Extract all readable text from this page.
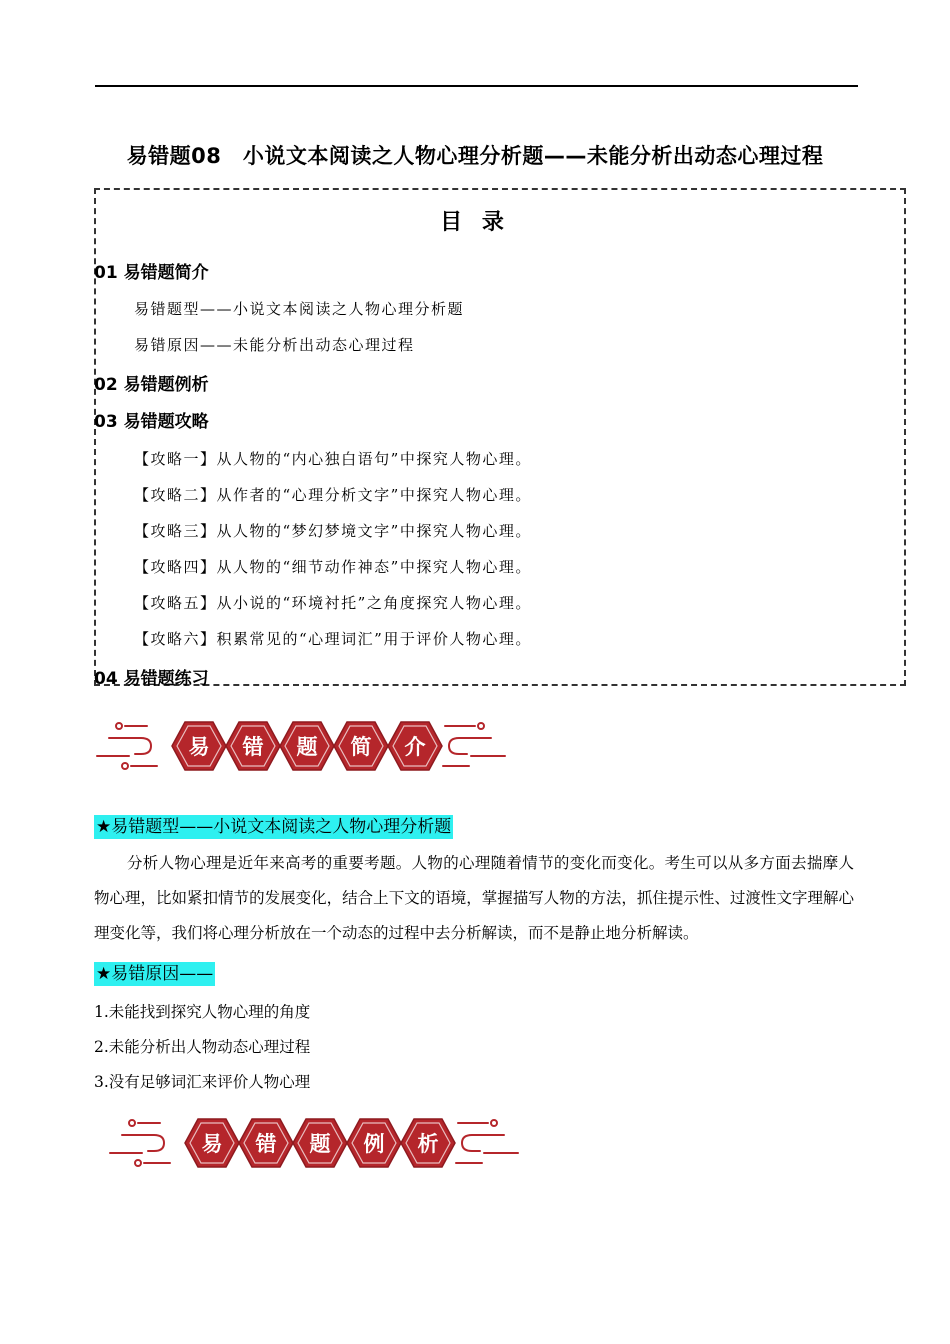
易错题08　小说文本阅读之人物心理分析题——未能分析出动态心理过程
目 录
01 易错题简介
易错题型——小说文本阅读之人物心理分析题
易错原因——未能分析出动态心理过程
02 易错题例析
03 易错题攻略
【攻略一】从人物的“内心独白语句”中探究人物心理。
【攻略二】从作者的“心理分析文字”中探究人物心理。
【攻略三】从人物的“梦幻梦境文字”中探究人物心理。
【攻略四】从人物的“细节动作神态”中探究人物心理。
【攻略五】从小说的“环境衬托”之角度探究人物心理。
【攻略六】积累常见的“心理词汇”用于评价人物心理。
04 易错题练习
易 错 题 简 介
★易错题型——小说文本阅读之人物心理分析题
分析人物心理是近年来高考的重要考题。人物的心理随着情节的变化而变化。考生可以从多方面去揣摩人物心理，比如紧扣情节的发展变化，结合上下文的语境，掌握描写人物的方法，抓住提示性、过渡性文字理解心理变化等，我们将心理分析放在一个动态的过程中去分析解读，而不是静止地分析解读。
★易错原因——
1.未能找到探究人物心理的角度
2.未能分析出人物动态心理过程
3.没有足够词汇来评价人物心理
易 错 题 例 析
